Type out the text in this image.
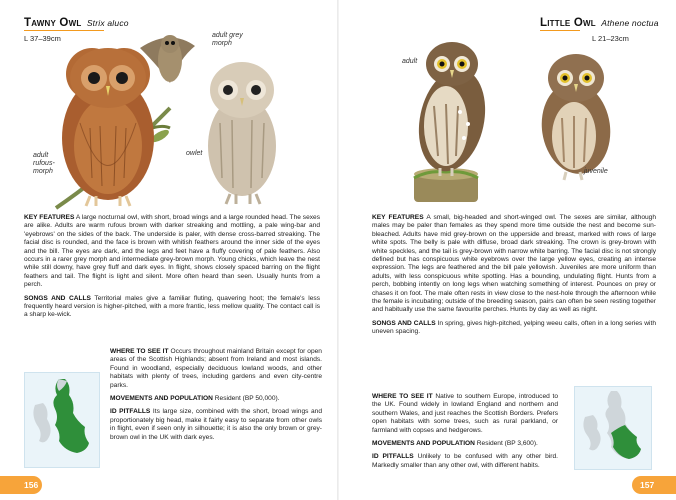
Tawny Owl Strix aluco
L 37–39cm	adult grey
morph
owlet
adult
rufous-
morph
KEY FEATURES A large nocturnal owl, with short, broad wings and a large rounded head. The sexes are alike. Adults are warm rufous brown with darker streaking and mottling, a pale wing-bar and 'eyebrows' on the sides of the back. The underside is paler, with dense cross-barred streaking. The facial disc is rounded, and the face is brown with whitish feathers around the inner side of the eyes and the bill. The eyes are dark, and the legs and feet have a fluffy covering of pale feathers. Also occurs in a rarer grey morph and intermediate grey-brown morph. Young chicks, which leave the nest while still downy, have grey fluff and dark eyes. In flight, shows closely spaced barring on the flight feathers and tail. The flight is light and silent. More often heard than seen. Usually hunts from a perch.
SONGS AND CALLS Territorial males give a familiar fluting, quavering hoot; the female's less frequently heard version is higher-pitched, with a more frantic, less mellow quality. The contact call is a sharp ke-wick.
WHERE TO SEE IT Occurs throughout mainland Britain except for open areas of the Scottish Highlands; absent from Ireland and most islands. Found in woodland, especially deciduous lowland woods, and other habitats with plenty of trees, including gardens and even city-centre parks.
MOVEMENTS AND POPULATION Resident (BP 50,000).
ID PITFALLS Its large size, combined with the short, broad wings and proportionately big head, make it fairly easy to separate from other owls in flight, even if seen only in silhouette; it is also the only brown or grey-brown owl in the UK with dark eyes.
156
Little Owl Athene noctua
L 21–23cm
adult
juvenile
KEY FEATURES A small, big-headed and short-winged owl. The sexes are similar, although males may be paler than females as they spend more time outside the nest and become sun-bleached. Adults have mid grey-brown on the upperside and breast, marked with rows of large white spots. The belly is pale with diffuse, broad dark streaking. The crown is grey-brown with white speckles, and the tail is grey-brown with narrow white barring. The facial disc is not strongly defined but has conspicuous white eyebrows over the large yellow eyes, creating an intense expression. The legs are feathered and the bill pale yellowish. Juveniles are more uniform than adults, with less conspicuous white spotting. Has a bounding, undulating flight. Hunts from a perch, bobbing intently on long legs when watching something of interest. Pounces on prey or chases it on foot. The male often rests in view close to the nest-hole through the afternoon while the female is incubating; outside of the breeding season, pairs can often be seen resting together and habitually use the same favourite perches. Hunts by day as well as night.
SONGS AND CALLS In spring, gives high-pitched, yelping weeu calls, often in a long series with uneven spacing.
WHERE TO SEE IT Native to southern Europe, introduced to the UK. Found widely in lowland England and northern and southern Wales, and just reaches the Scottish Borders. Prefers open habitats with some trees, such as rural parkland, or farmland with copses and hedgerows.
MOVEMENTS AND POPULATION Resident (BP 3,600).
ID PITFALLS Unlikely to be confused with any other bird. Markedly smaller than any other owl, with different habits.
157
